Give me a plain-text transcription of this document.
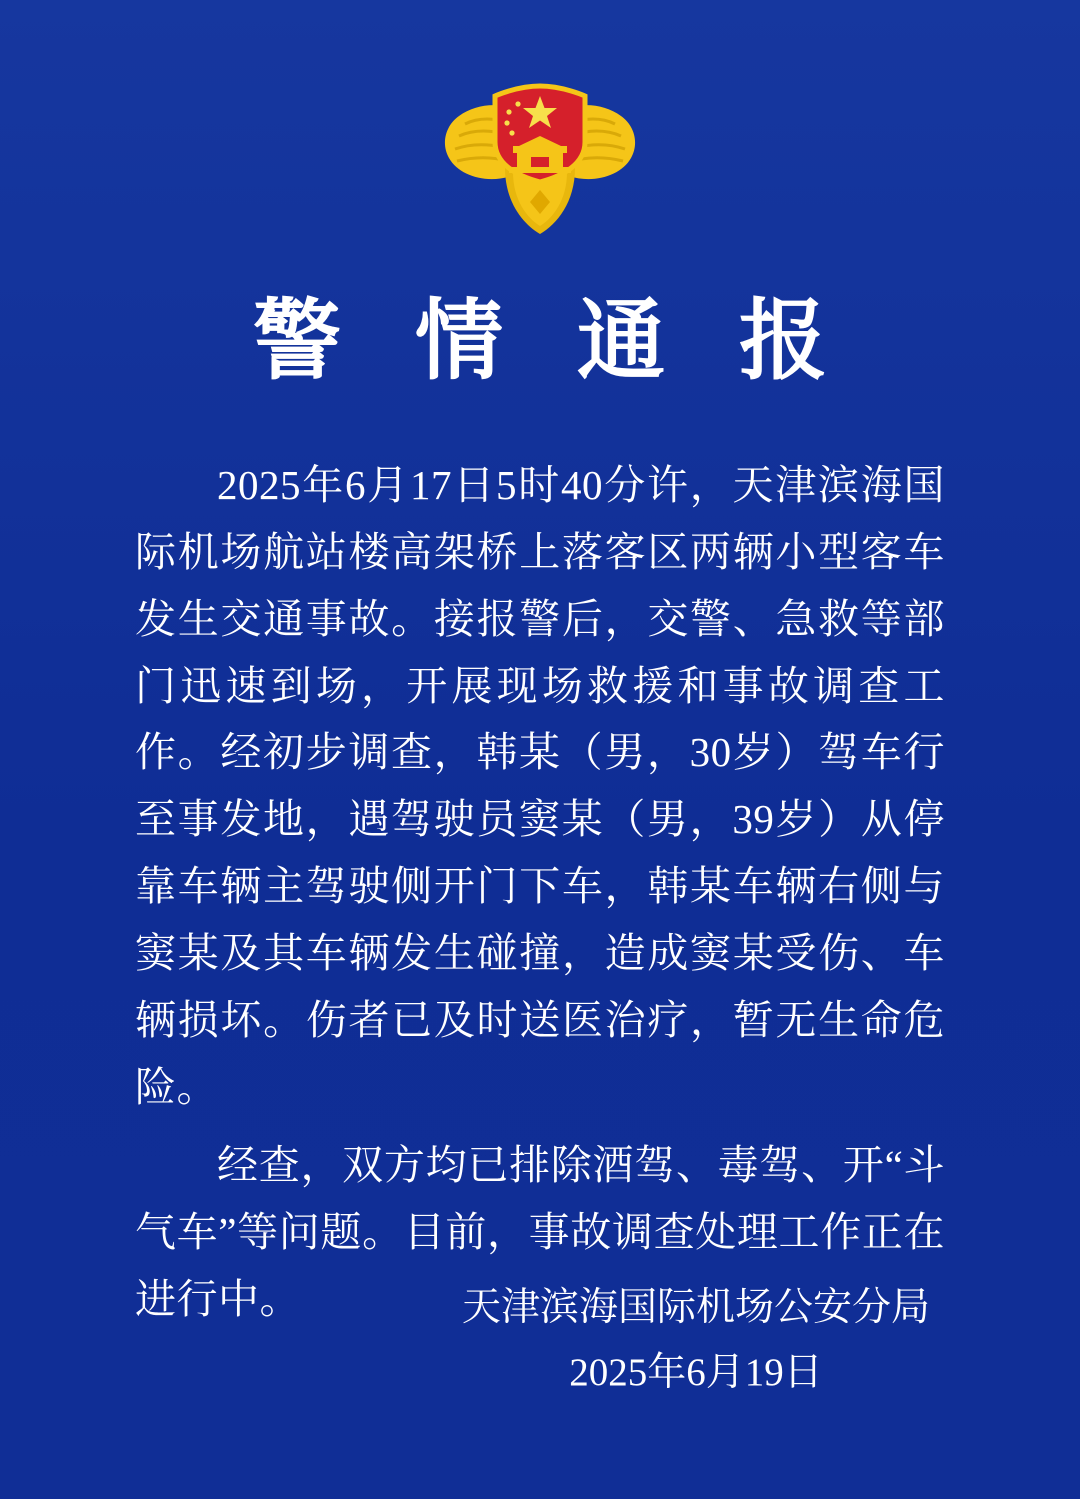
警 情 通 报

2025年6月17日5时40分许，天津滨海国际机场航站楼高架桥上落客区两辆小型客车发生交通事故。接报警后，交警、急救等部门迅速到场，开展现场救援和事故调查工作。经初步调查，韩某（男，30岁）驾车行至事发地，遇驾驶员窦某（男，39岁）从停靠车辆主驾驶侧开门下车，韩某车辆右侧与窦某及其车辆发生碰撞，造成窦某受伤、车辆损坏。伤者已及时送医治疗，暂无生命危险。

经查，双方均已排除酒驾、毒驾、开“斗气车”等问题。目前，事故调查处理工作正在进行中。	天津滨海国际机场公安分局
2025年6月19日
